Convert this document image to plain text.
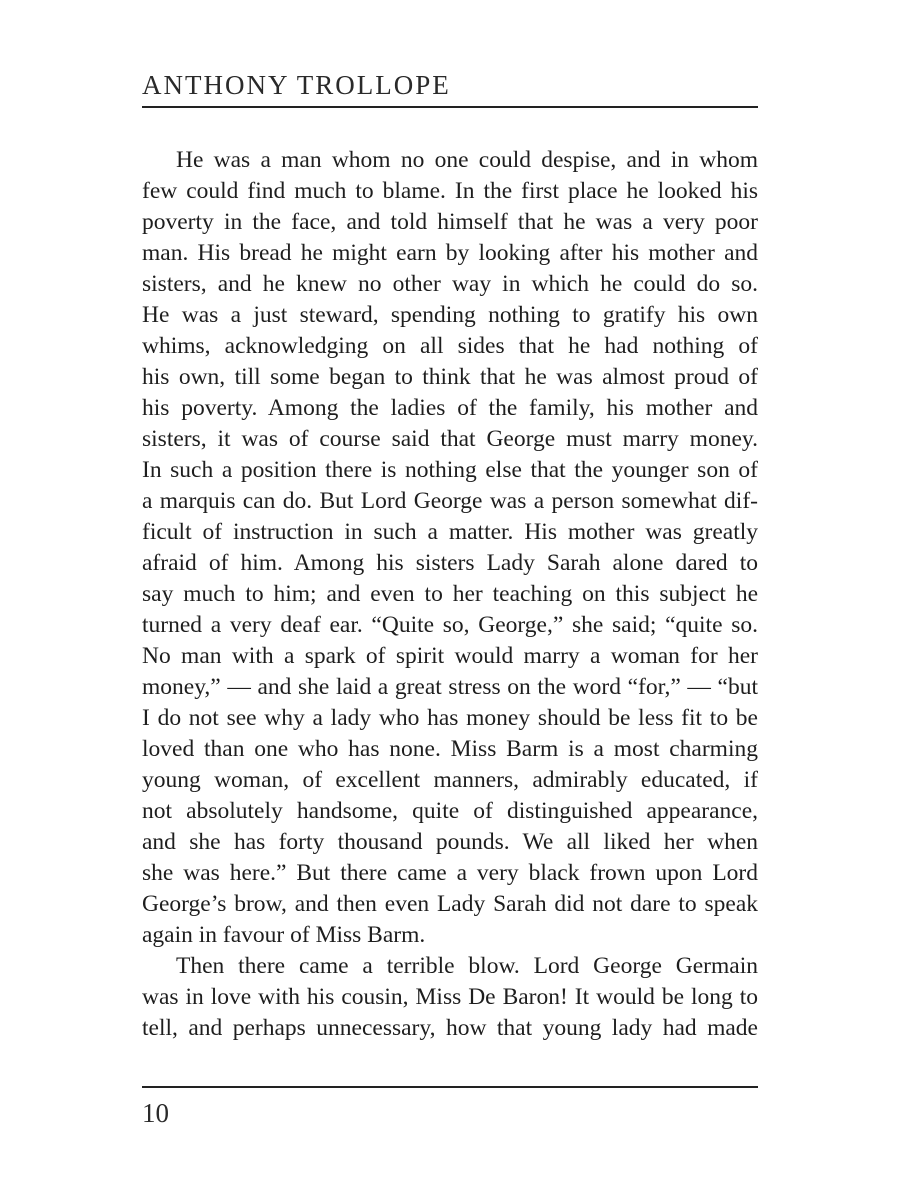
ANTHONY TROLLOPE
He was a man whom no one could despise, and in whom
few could find much to blame. In the first place he looked his
poverty in the face, and told himself that he was a very poor
man. His bread he might earn by looking after his mother and
sisters, and he knew no other way in which he could do so.
He was a just steward, spending nothing to gratify his own
whims, acknowledging on all sides that he had nothing of
his own, till some began to think that he was almost proud of
his poverty. Among the ladies of the family, his mother and
sisters, it was of course said that George must marry money.
In such a position there is nothing else that the younger son of
a marquis can do. But Lord George was a person somewhat dif-
ficult of instruction in such a matter. His mother was greatly
afraid of him. Among his sisters Lady Sarah alone dared to
say much to him; and even to her teaching on this subject he
turned a very deaf ear. “Quite so, George,” she said; “quite so.
No man with a spark of spirit would marry a woman for her
money,” — and she laid a great stress on the word “for,” — “but
I do not see why a lady who has money should be less fit to be
loved than one who has none. Miss Barm is a most charming
young woman, of excellent manners, admirably educated, if
not absolutely handsome, quite of distinguished appearance,
and she has forty thousand pounds. We all liked her when
she was here.” But there came a very black frown upon Lord
George’s brow, and then even Lady Sarah did not dare to speak
again in favour of Miss Barm.
Then there came a terrible blow. Lord George Germain
was in love with his cousin, Miss De Baron! It would be long to
tell, and perhaps unnecessary, how that young lady had made
10
